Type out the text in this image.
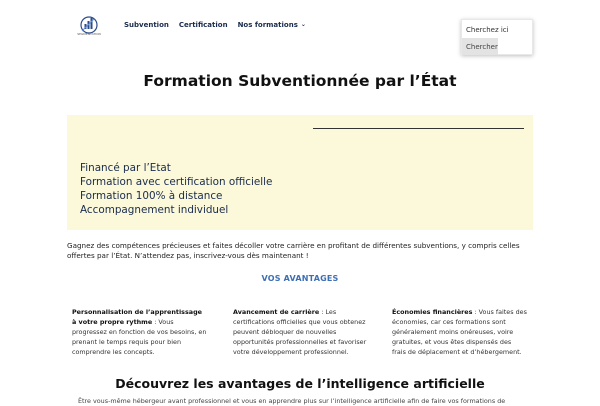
SEGMENTATION
Subvention Certification Nos formations ⌄
Cherchez ici
Chercher
Formation Subventionnée par l’État
Financé par l’Etat
Formation avec certification officielle
Formation 100% à distance
Accompagnement individuel

Gagnez des compétences précieuses et faites décoller votre carrière en profitant de différentes subventions, y compris celles offertes par l’État. N’attendez pas, inscrivez-vous dès maintenant !

VOS AVANTAGES
Personnalisation de l’apprentissage à votre propre rythme : Vous progressez en fonction de vos besoins, en prenant le temps requis pour bien comprendre les concepts.
Avancement de carrière : Les certifications officielles que vous obtenez peuvent débloquer de nouvelles opportunités professionnelles et favoriser votre développement professionnel.
Économies financières : Vous faites des économies, car ces formations sont généralement moins onéreuses, voire gratuites, et vous êtes dispensés des frais de déplacement et d’hébergement.
Découvrez les avantages de l’intelligence artificielle
Être vous-même hébergeur avant professionnel et vous en apprendre plus sur l’intelligence artificielle afin de faire vos formations de
